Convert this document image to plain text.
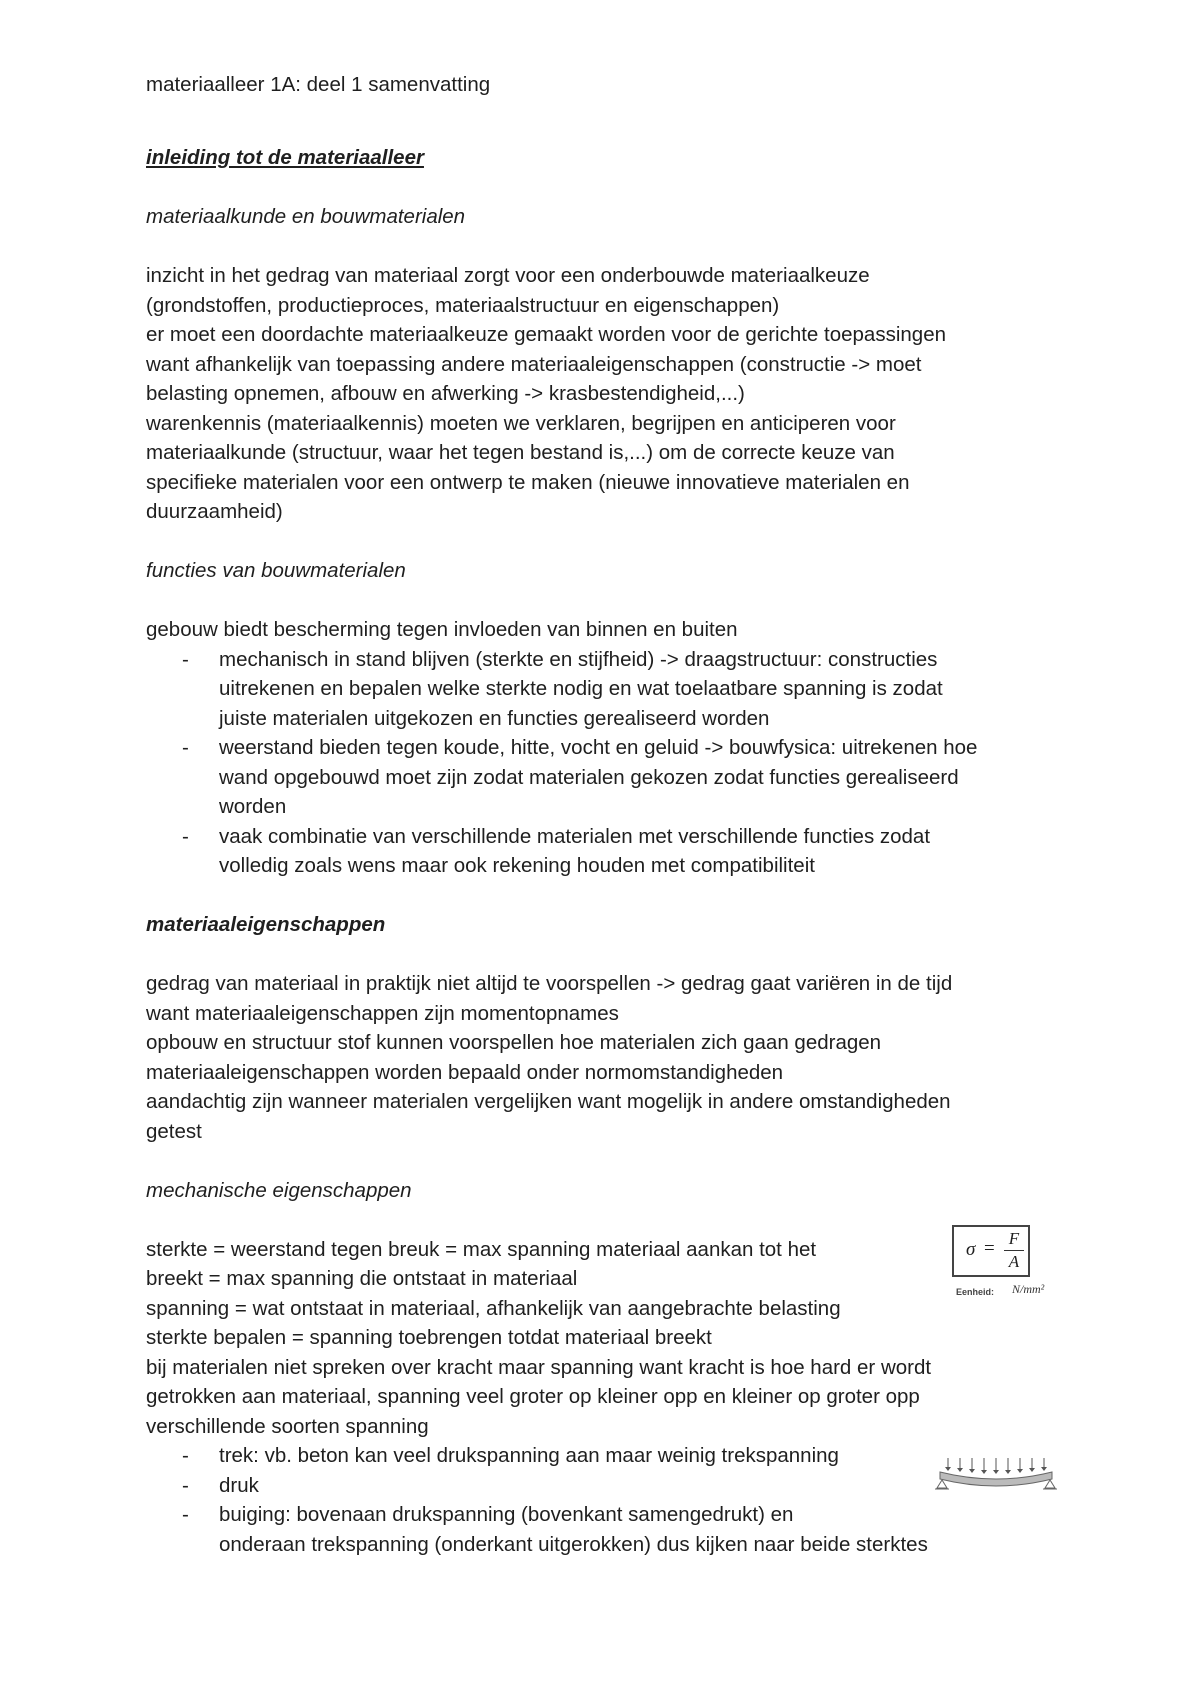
materiaalleer 1A: deel 1 samenvatting

inleiding tot de materiaalleer

materiaalkunde en bouwmaterialen

inzicht in het gedrag van materiaal zorgt voor een onderbouwde materiaalkeuze

(grondstoffen, productieproces, materiaalstructuur en eigenschappen)

er moet een doordachte materiaalkeuze gemaakt worden voor de gerichte toepassingen

want afhankelijk van toepassing andere materiaaleigenschappen (constructie -> moet

belasting opnemen, afbouw en afwerking -> krasbestendigheid,...)

warenkennis (materiaalkennis) moeten we verklaren, begrijpen en anticiperen voor

materiaalkunde (structuur, waar het tegen bestand is,...) om de correcte keuze van

specifieke materialen voor een ontwerp te maken (nieuwe innovatieve materialen en

duurzaamheid)

functies van bouwmaterialen

gebouw biedt bescherming tegen invloeden van binnen en buiten

- mechanisch in stand blijven (sterkte en stijfheid) -> draagstructuur: constructies
uitrekenen en bepalen welke sterkte nodig en wat toelaatbare spanning is zodat
juiste materialen uitgekozen en functies gerealiseerd worden
- weerstand bieden tegen koude, hitte, vocht en geluid -> bouwfysica: uitrekenen hoe
wand opgebouwd moet zijn zodat materialen gekozen zodat functies gerealiseerd
worden
- vaak combinatie van verschillende materialen met verschillende functies zodat
volledig zoals wens maar ook rekening houden met compatibiliteit

materiaaleigenschappen

gedrag van materiaal in praktijk niet altijd te voorspellen -> gedrag gaat variëren in de tijd

want materiaaleigenschappen zijn momentopnames

opbouw en structuur stof kunnen voorspellen hoe materialen zich gaan gedragen

materiaaleigenschappen worden bepaald onder normomstandigheden

aandachtig zijn wanneer materialen vergelijken want mogelijk in andere omstandigheden

getest

mechanische eigenschappen

sterkte = weerstand tegen breuk = max spanning materiaal aankan tot het

breekt = max spanning die ontstaat in materiaal

spanning = wat ontstaat in materiaal, afhankelijk van aangebrachte belasting

sterkte bepalen = spanning toebrengen totdat materiaal breekt

bij materialen niet spreken over kracht maar spanning want kracht is hoe hard er wordt

getrokken aan materiaal, spanning veel groter op kleiner opp en kleiner op groter opp

verschillende soorten spanning

- trek: vb. beton kan veel drukspanning aan maar weinig trekspanning
- druk
- buiging: bovenaan drukspanning (bovenkant samengedrukt) en
onderaan trekspanning (onderkant uitgerokken) dus kijken naar beide sterktes
σ = F
A
Eenheid: N/mm²
